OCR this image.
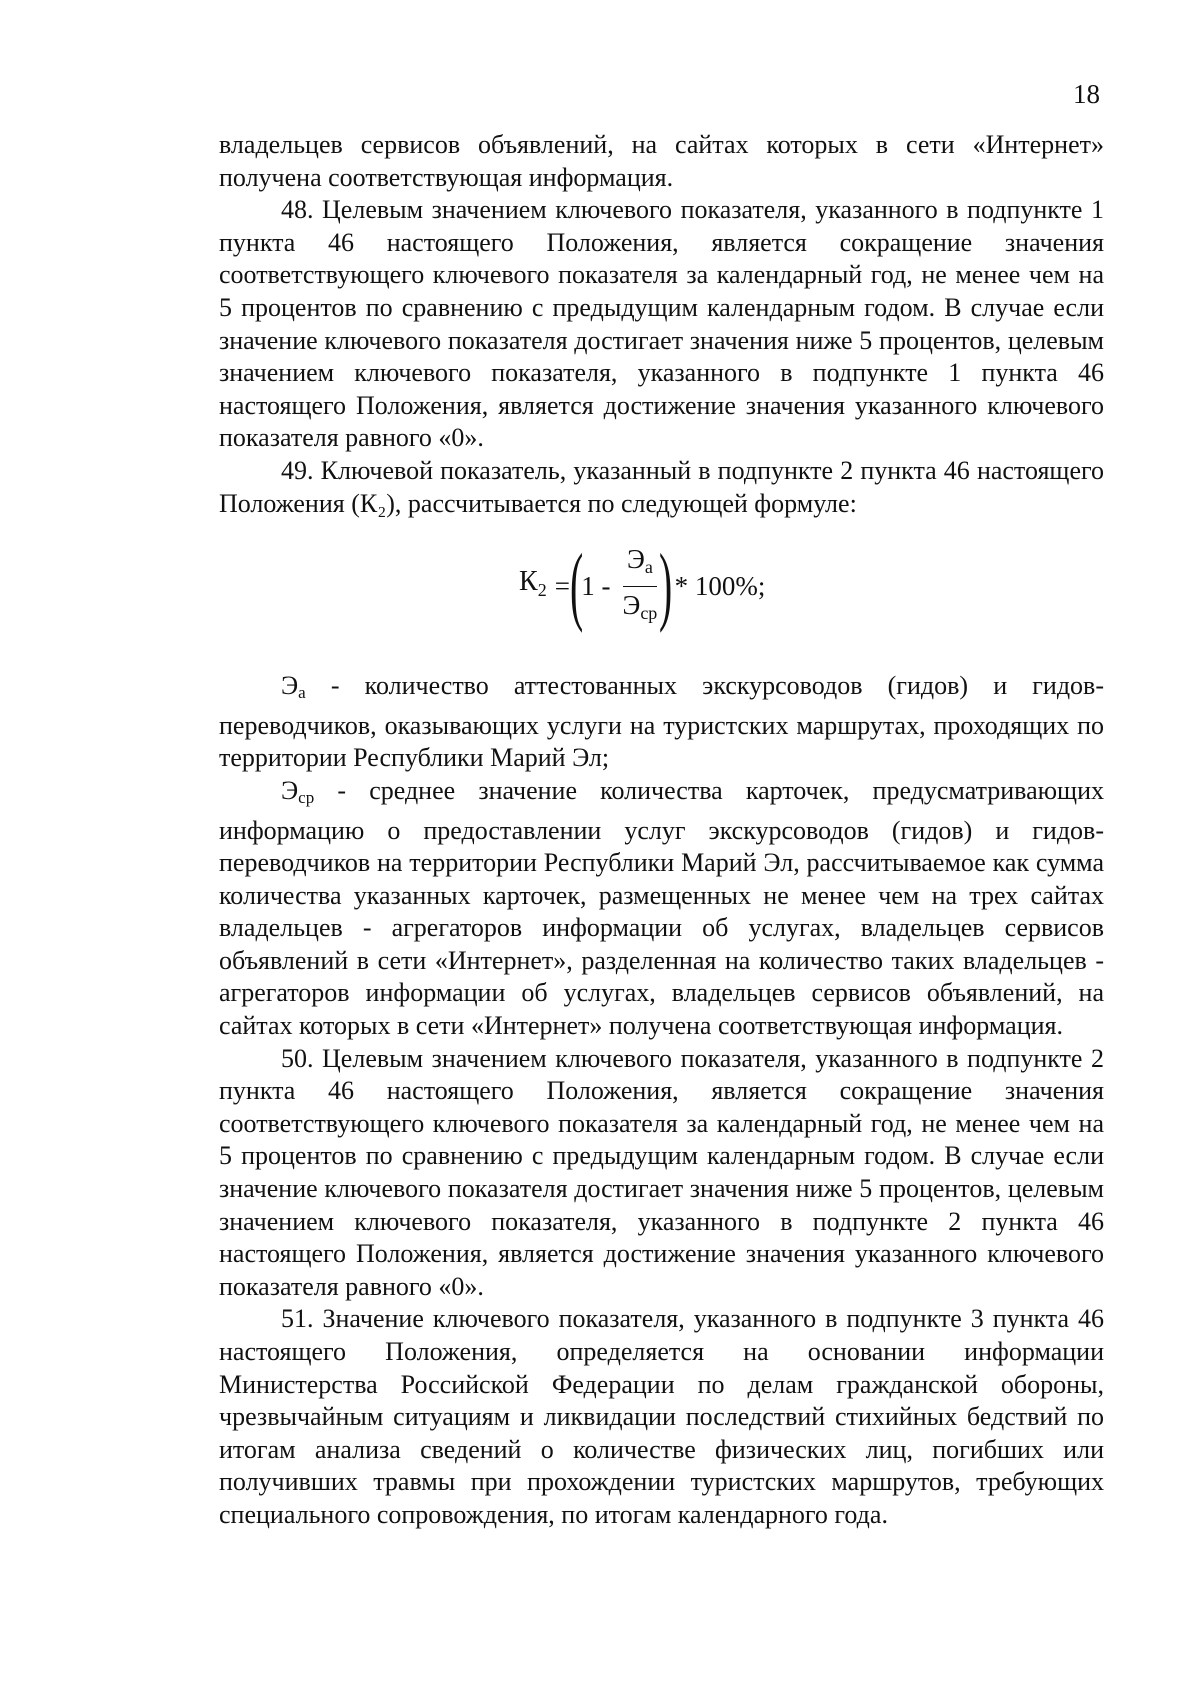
18

владельцев сервисов объявлений, на сайтах которых в сети «Интернет» получена соответствующая информация.

48. Целевым значением ключевого показателя, указанного в подпункте 1 пункта 46 настоящего Положения, является сокращение значения соответствующего ключевого показателя за календарный год, не менее чем на 5 процентов по сравнению с предыдущим календарным годом. В случае если значение ключевого показателя достигает значения ниже 5 процентов, целевым значением ключевого показателя, указанного в подпункте 1 пункта 46 настоящего Положения, является достижение значения указанного ключевого показателя равного «0».

49. Ключевой показатель, указанный в подпункте 2 пункта 46 настоящего Положения (К₂), рассчитывается по следующей формуле:

$К_2$ = (
$1 - \frac{Э_а}{Э_{ср}}$ ) * 100%;

$Э_а$ - количество аттестованных экскурсоводов (гидов) и гидов-переводчиков, оказывающих услуги на туристских маршрутах, проходящих по территории Республики Марий Эл;

$Э_{ср}$ - среднее значение количества карточек, предусматривающих информацию о предоставлении услуг экскурсоводов (гидов) и гидов-переводчиков на территории Республики Марий Эл, рассчитываемое как сумма количества указанных карточек, размещенных не менее чем на трех сайтах владельцев - агрегаторов информации об услугах, владельцев сервисов объявлений в сети «Интернет», разделенная на количество таких владельцев - агрегаторов информации об услугах, владельцев сервисов объявлений, на сайтах которых в сети «Интернет» получена соответствующая информация.

50. Целевым значением ключевого показателя, указанного в подпункте 2 пункта 46 настоящего Положения, является сокращение значения соответствующего ключевого показателя за календарный год, не менее чем на 5 процентов по сравнению с предыдущим календарным годом. В случае если значение ключевого показателя достигает значения ниже 5 процентов, целевым значением ключевого показателя, указанного в подпункте 2 пункта 46 настоящего Положения, является достижение значения указанного ключевого показателя равного «0».

51. Значение ключевого показателя, указанного в подпункте 3 пункта 46 настоящего Положения, определяется на основании информации Министерства Российской Федерации по делам гражданской обороны, чрезвычайным ситуациям и ликвидации последствий стихийных бедствий по итогам анализа сведений о количестве физических лиц, погибших или получивших травмы при прохождении туристских маршрутов, требующих специального сопровождения, по итогам календарного года.
